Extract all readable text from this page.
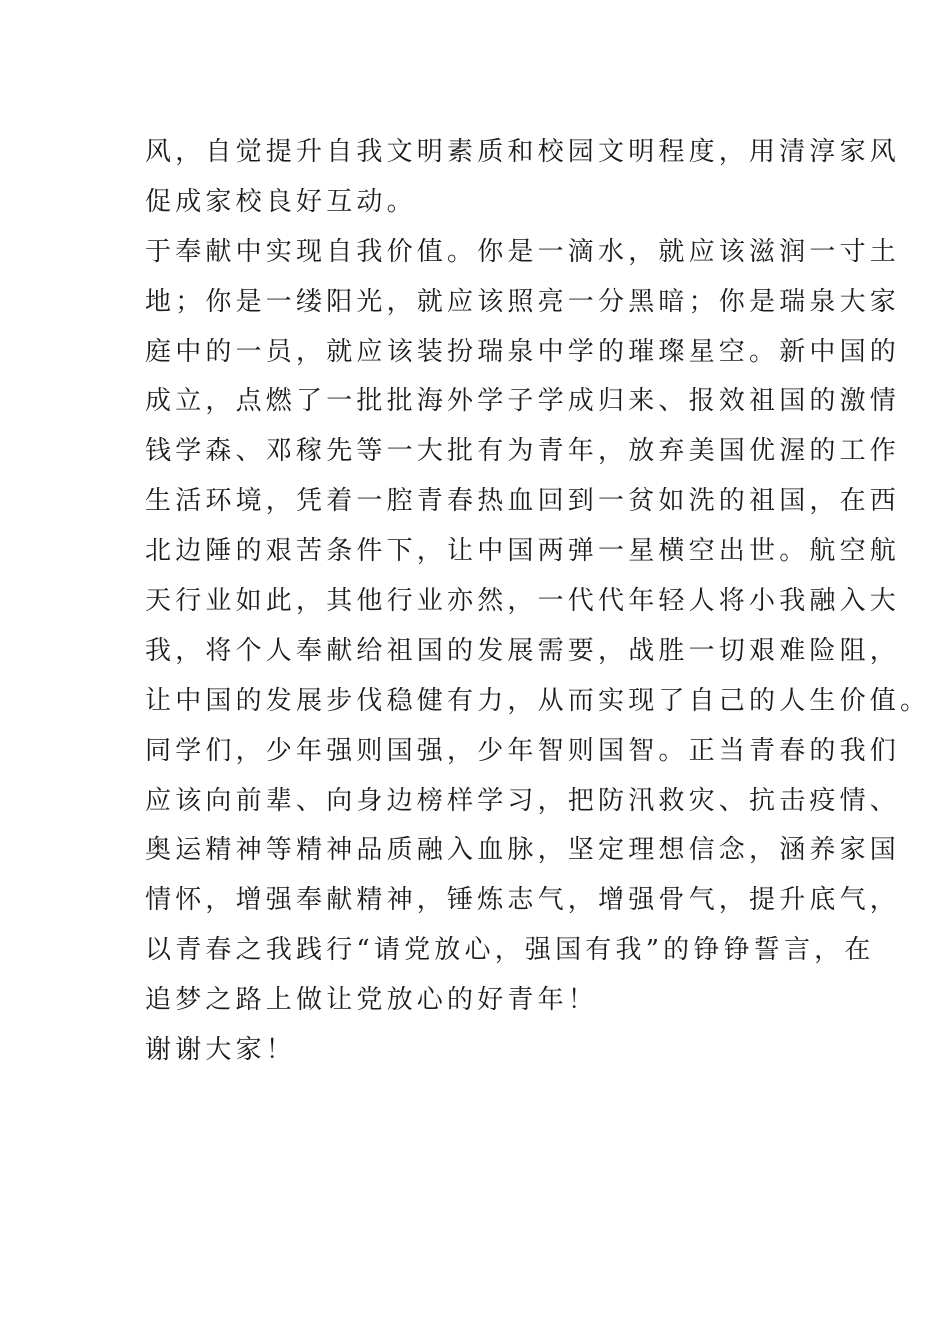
风，自觉提升自我文明素质和校园文明程度，用清淳家风
促成家校良好互动。
于奉献中实现自我价值。你是一滴水，就应该滋润一寸土
地；你是一缕阳光，就应该照亮一分黑暗；你是瑞泉大家
庭中的一员，就应该装扮瑞泉中学的璀璨星空。新中国的
成立，点燃了一批批海外学子学成归来、报效祖国的激情
钱学森、邓稼先等一大批有为青年，放弃美国优渥的工作
生活环境，凭着一腔青春热血回到一贫如洗的祖国，在西
北边陲的艰苦条件下，让中国两弹一星横空出世。航空航
天行业如此，其他行业亦然，一代代年轻人将小我融入大
我，将个人奉献给祖国的发展需要，战胜一切艰难险阻，
让中国的发展步伐稳健有力，从而实现了自己的人生价值。
同学们，少年强则国强，少年智则国智。正当青春的我们
应该向前辈、向身边榜样学习，把防汛救灾、抗击疫情、
奥运精神等精神品质融入血脉，坚定理想信念，涵养家国
情怀，增强奉献精神，锤炼志气，增强骨气，提升底气，
以青春之我践行“请党放心，强国有我”的铮铮誓言，在
追梦之路上做让党放心的好青年！
谢谢大家！
